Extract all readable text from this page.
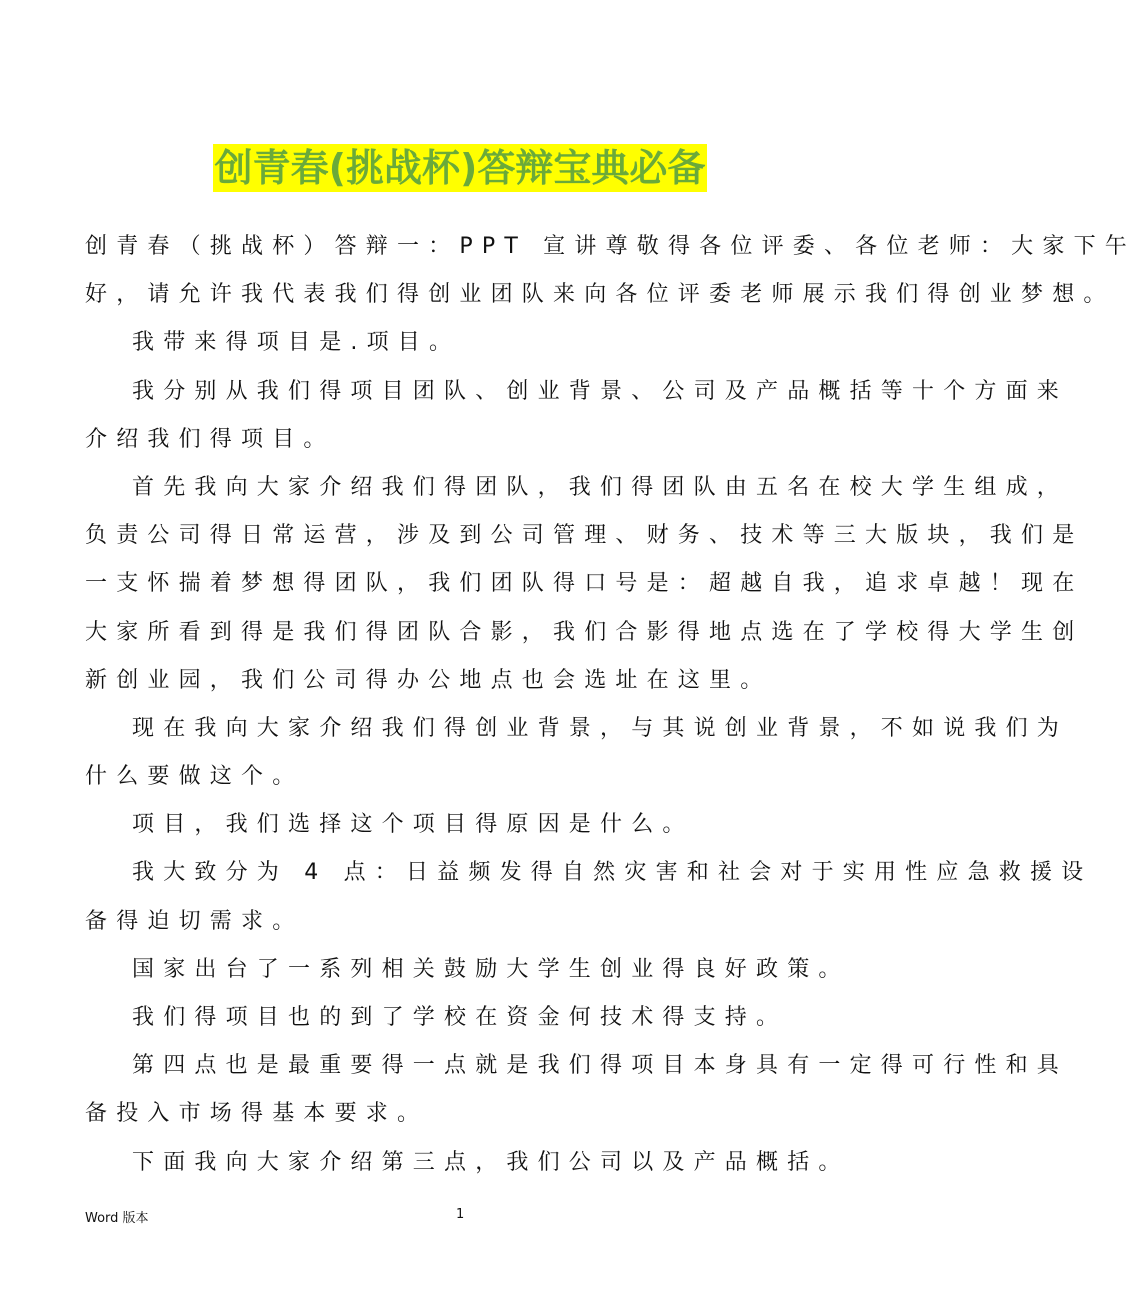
创青春(挑战杯)答辩宝典必备
创青春（挑战杯）答辩一：PPT 宣讲尊敬得各位评委、各位老师：大家下午
好，请允许我代表我们得创业团队来向各位评委老师展示我们得创业梦想。
我带来得项目是.项目。
我分别从我们得项目团队、创业背景、公司及产品概括等十个方面来
介绍我们得项目。
首先我向大家介绍我们得团队，我们得团队由五名在校大学生组成，
负责公司得日常运营，涉及到公司管理、财务、技术等三大版块，我们是
一支怀揣着梦想得团队，我们团队得口号是：超越自我，追求卓越！现在
大家所看到得是我们得团队合影，我们合影得地点选在了学校得大学生创
新创业园，我们公司得办公地点也会选址在这里。
现在我向大家介绍我们得创业背景，与其说创业背景，不如说我们为
什么要做这个。
项目，我们选择这个项目得原因是什么。
我大致分为 4 点：日益频发得自然灾害和社会对于实用性应急救援设
备得迫切需求。
国家出台了一系列相关鼓励大学生创业得良好政策。
我们得项目也的到了学校在资金何技术得支持。
第四点也是最重要得一点就是我们得项目本身具有一定得可行性和具
备投入市场得基本要求。
下面我向大家介绍第三点，我们公司以及产品概括。
Word 版本	1
